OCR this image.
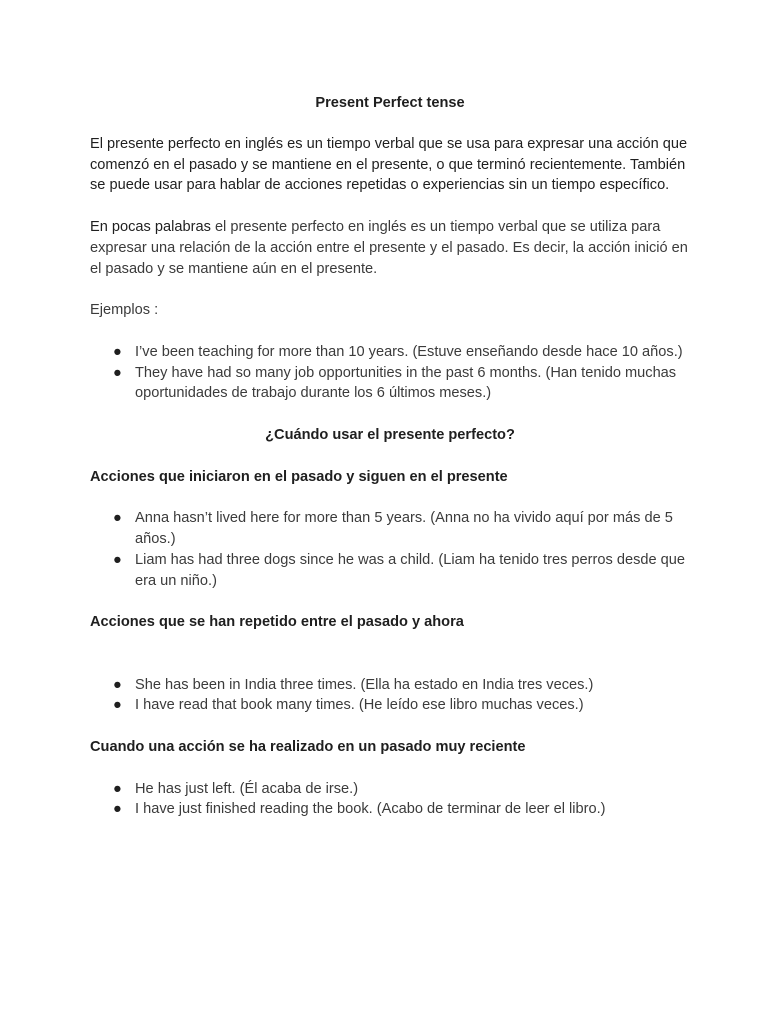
Present Perfect tense

El presente perfecto en inglés es un tiempo verbal que se usa para expresar una acción que comenzó en el pasado y se mantiene en el presente, o que terminó recientemente. También se puede usar para hablar de acciones repetidas o experiencias sin un tiempo específico.

En pocas palabras el presente perfecto en inglés es un tiempo verbal que se utiliza para expresar una relación de la acción entre el presente y el pasado. Es decir, la acción inició en el pasado y se mantiene aún en el presente.

Ejemplos :

● I’ve been teaching for more than 10 years. (Estuve enseñando desde hace 10 años.)
● They have had so many job opportunities in the past 6 months. (Han tenido muchas oportunidades de trabajo durante los 6 últimos meses.)
¿Cuándo usar el presente perfecto?
Acciones que iniciaron en el pasado y siguen en el presente
● Anna hasn’t lived here for more than 5 years. (Anna no ha vivido aquí por más de 5 años.)
● Liam has had three dogs since he was a child. (Liam ha tenido tres perros desde que era un niño.)
Acciones que se han repetido entre el pasado y ahora
● She has been in India three times. (Ella ha estado en India tres veces.)
● I have read that book many times. (He leído ese libro muchas veces.)
Cuando una acción se ha realizado en un pasado muy reciente
● He has just left. (Él acaba de irse.)
● I have just finished reading the book. (Acabo de terminar de leer el libro.)
